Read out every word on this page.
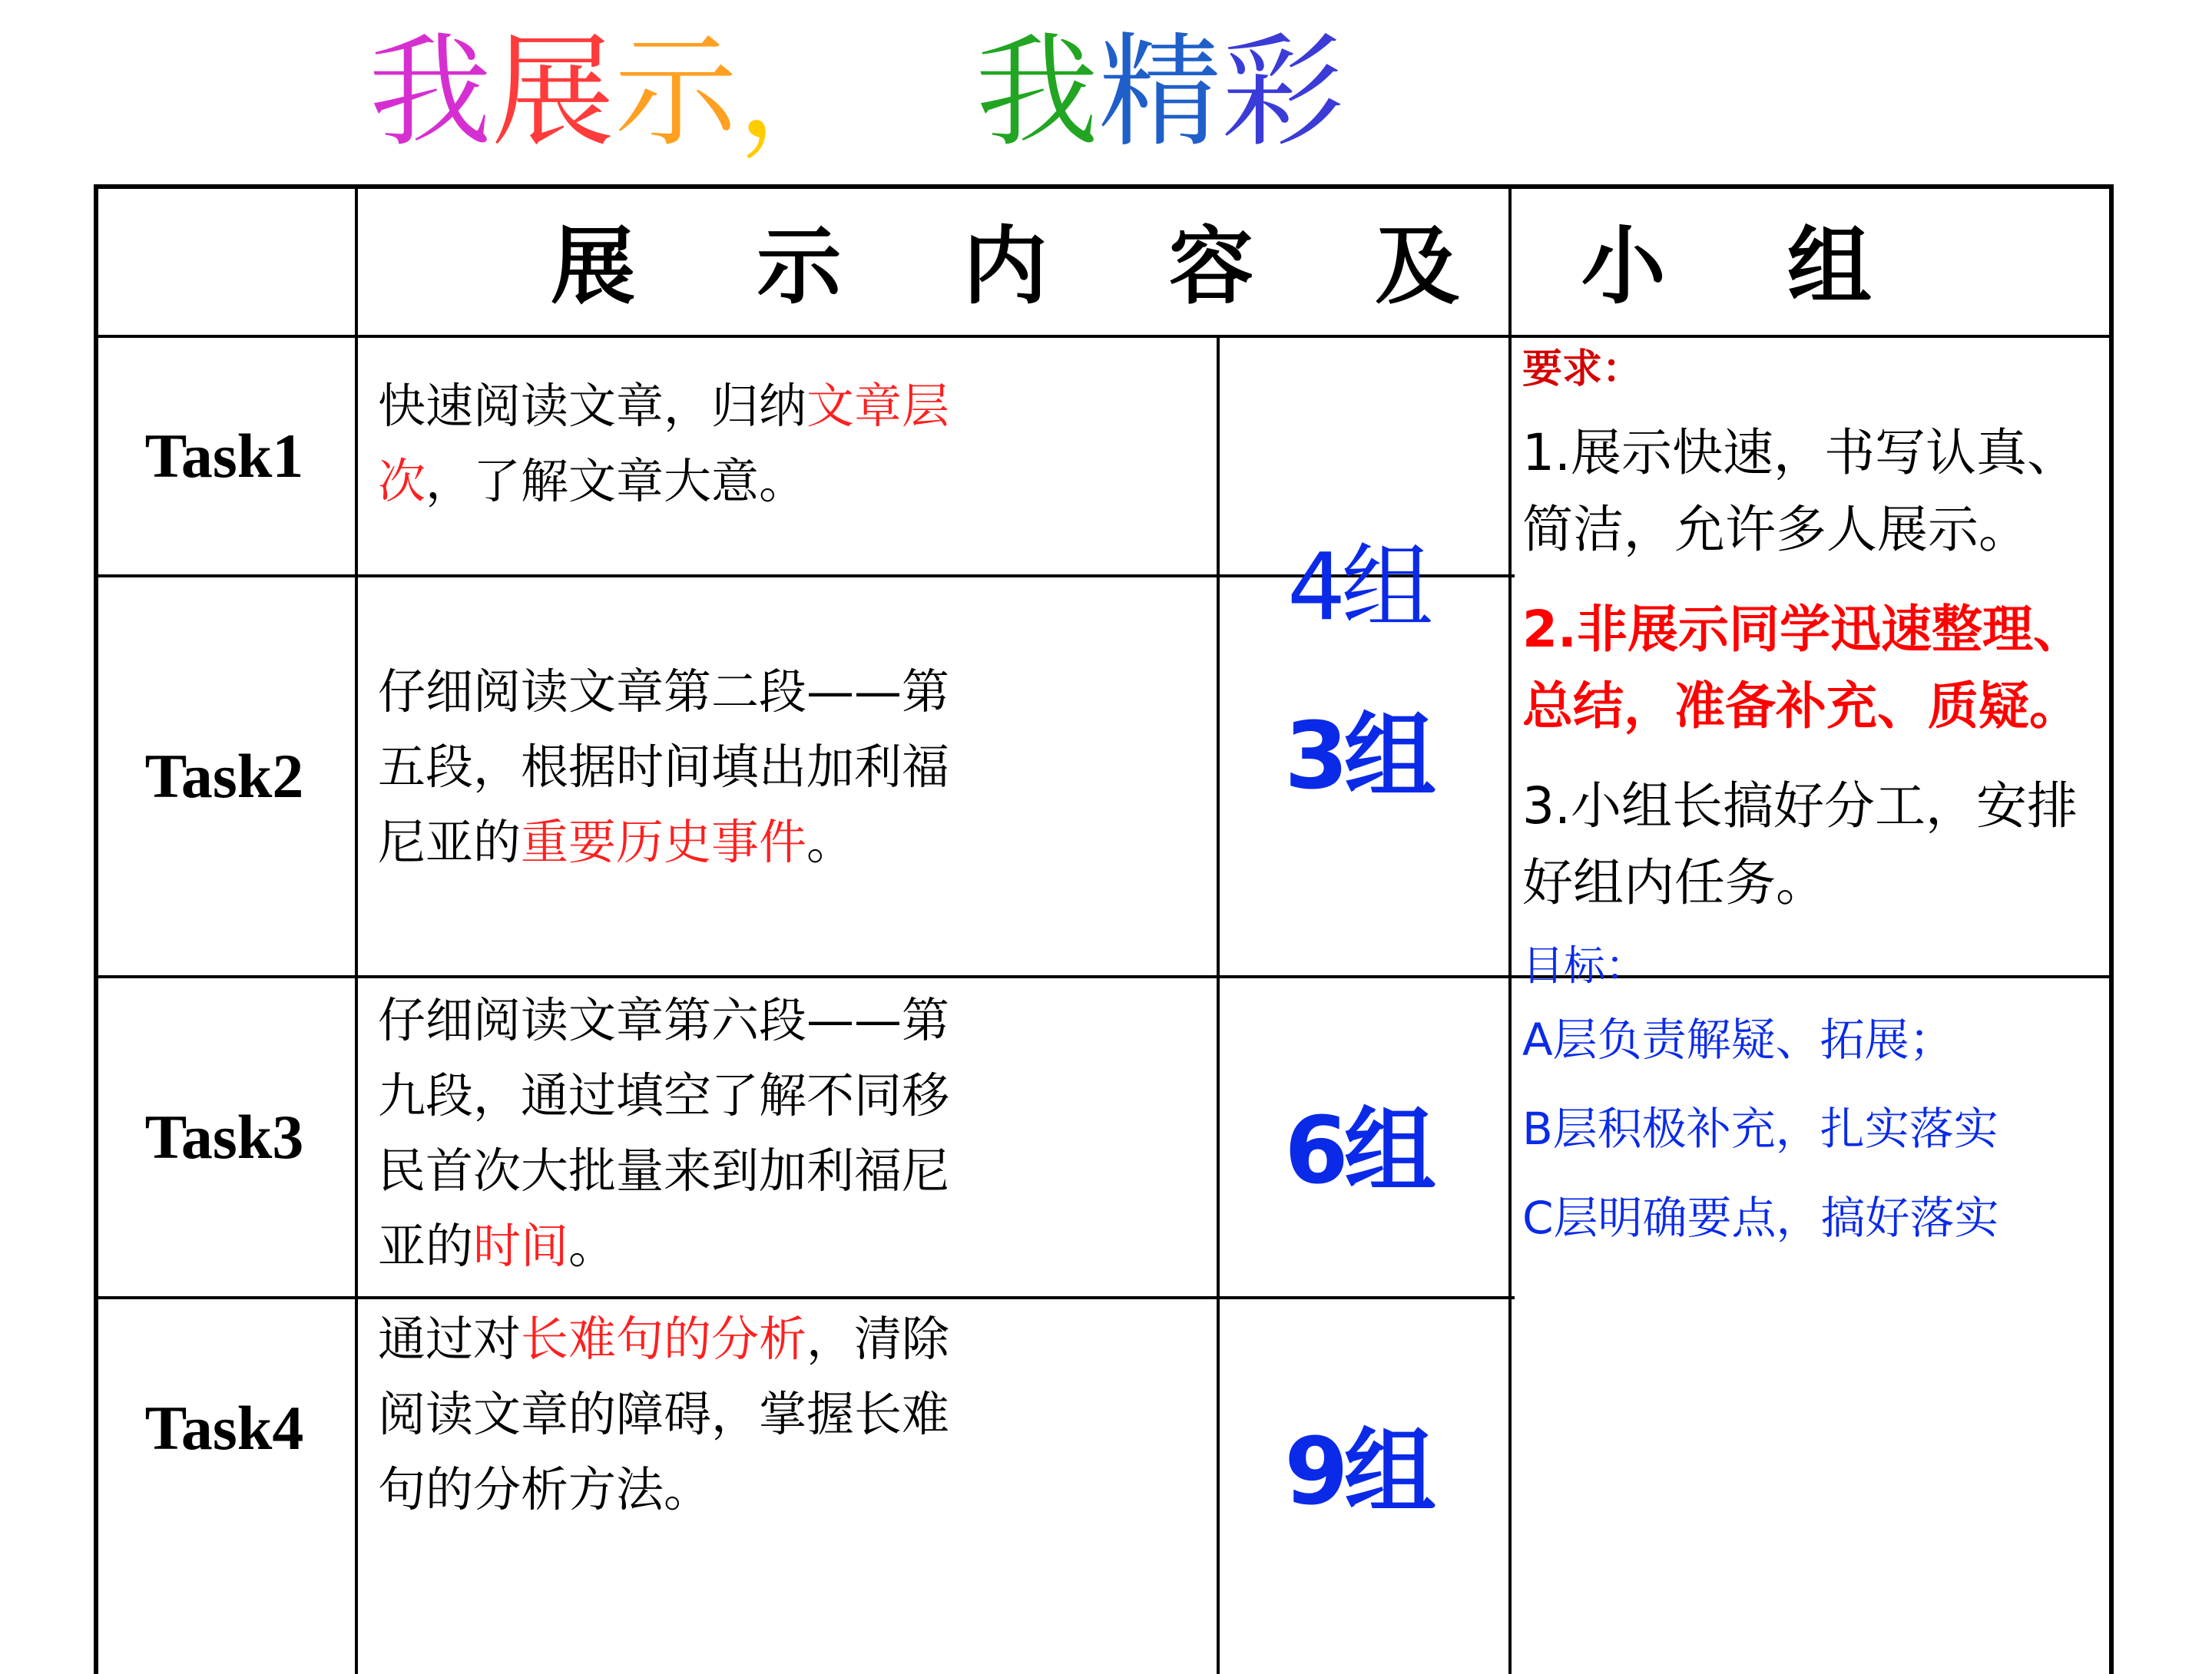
我展示， 我精彩
展 示 内 容 及 小 组
Task1
快速阅读文章，归纳文章层次，了解文章大意。
4组
Task2
仔细阅读文章第二段——第五段，根据时间填出加利福尼亚的重要历史事件。
3组
Task3
仔细阅读文章第六段——第九段，通过填空了解不同移民首次大批量来到加利福尼亚的时间。
6组
Task4
通过对长难句的分析，清除阅读文章的障碍，掌握长难句的分析方法。	9组
要求：
1.展示快速，书写认真、简洁，允许多人展示。
2.非展示同学迅速整理、总结，准备补充、质疑。
3.小组长搞好分工，安排好组内任务。
目标：
A层负责解疑、拓展；
B层积极补充，扎实落实
C层明确要点，搞好落实
